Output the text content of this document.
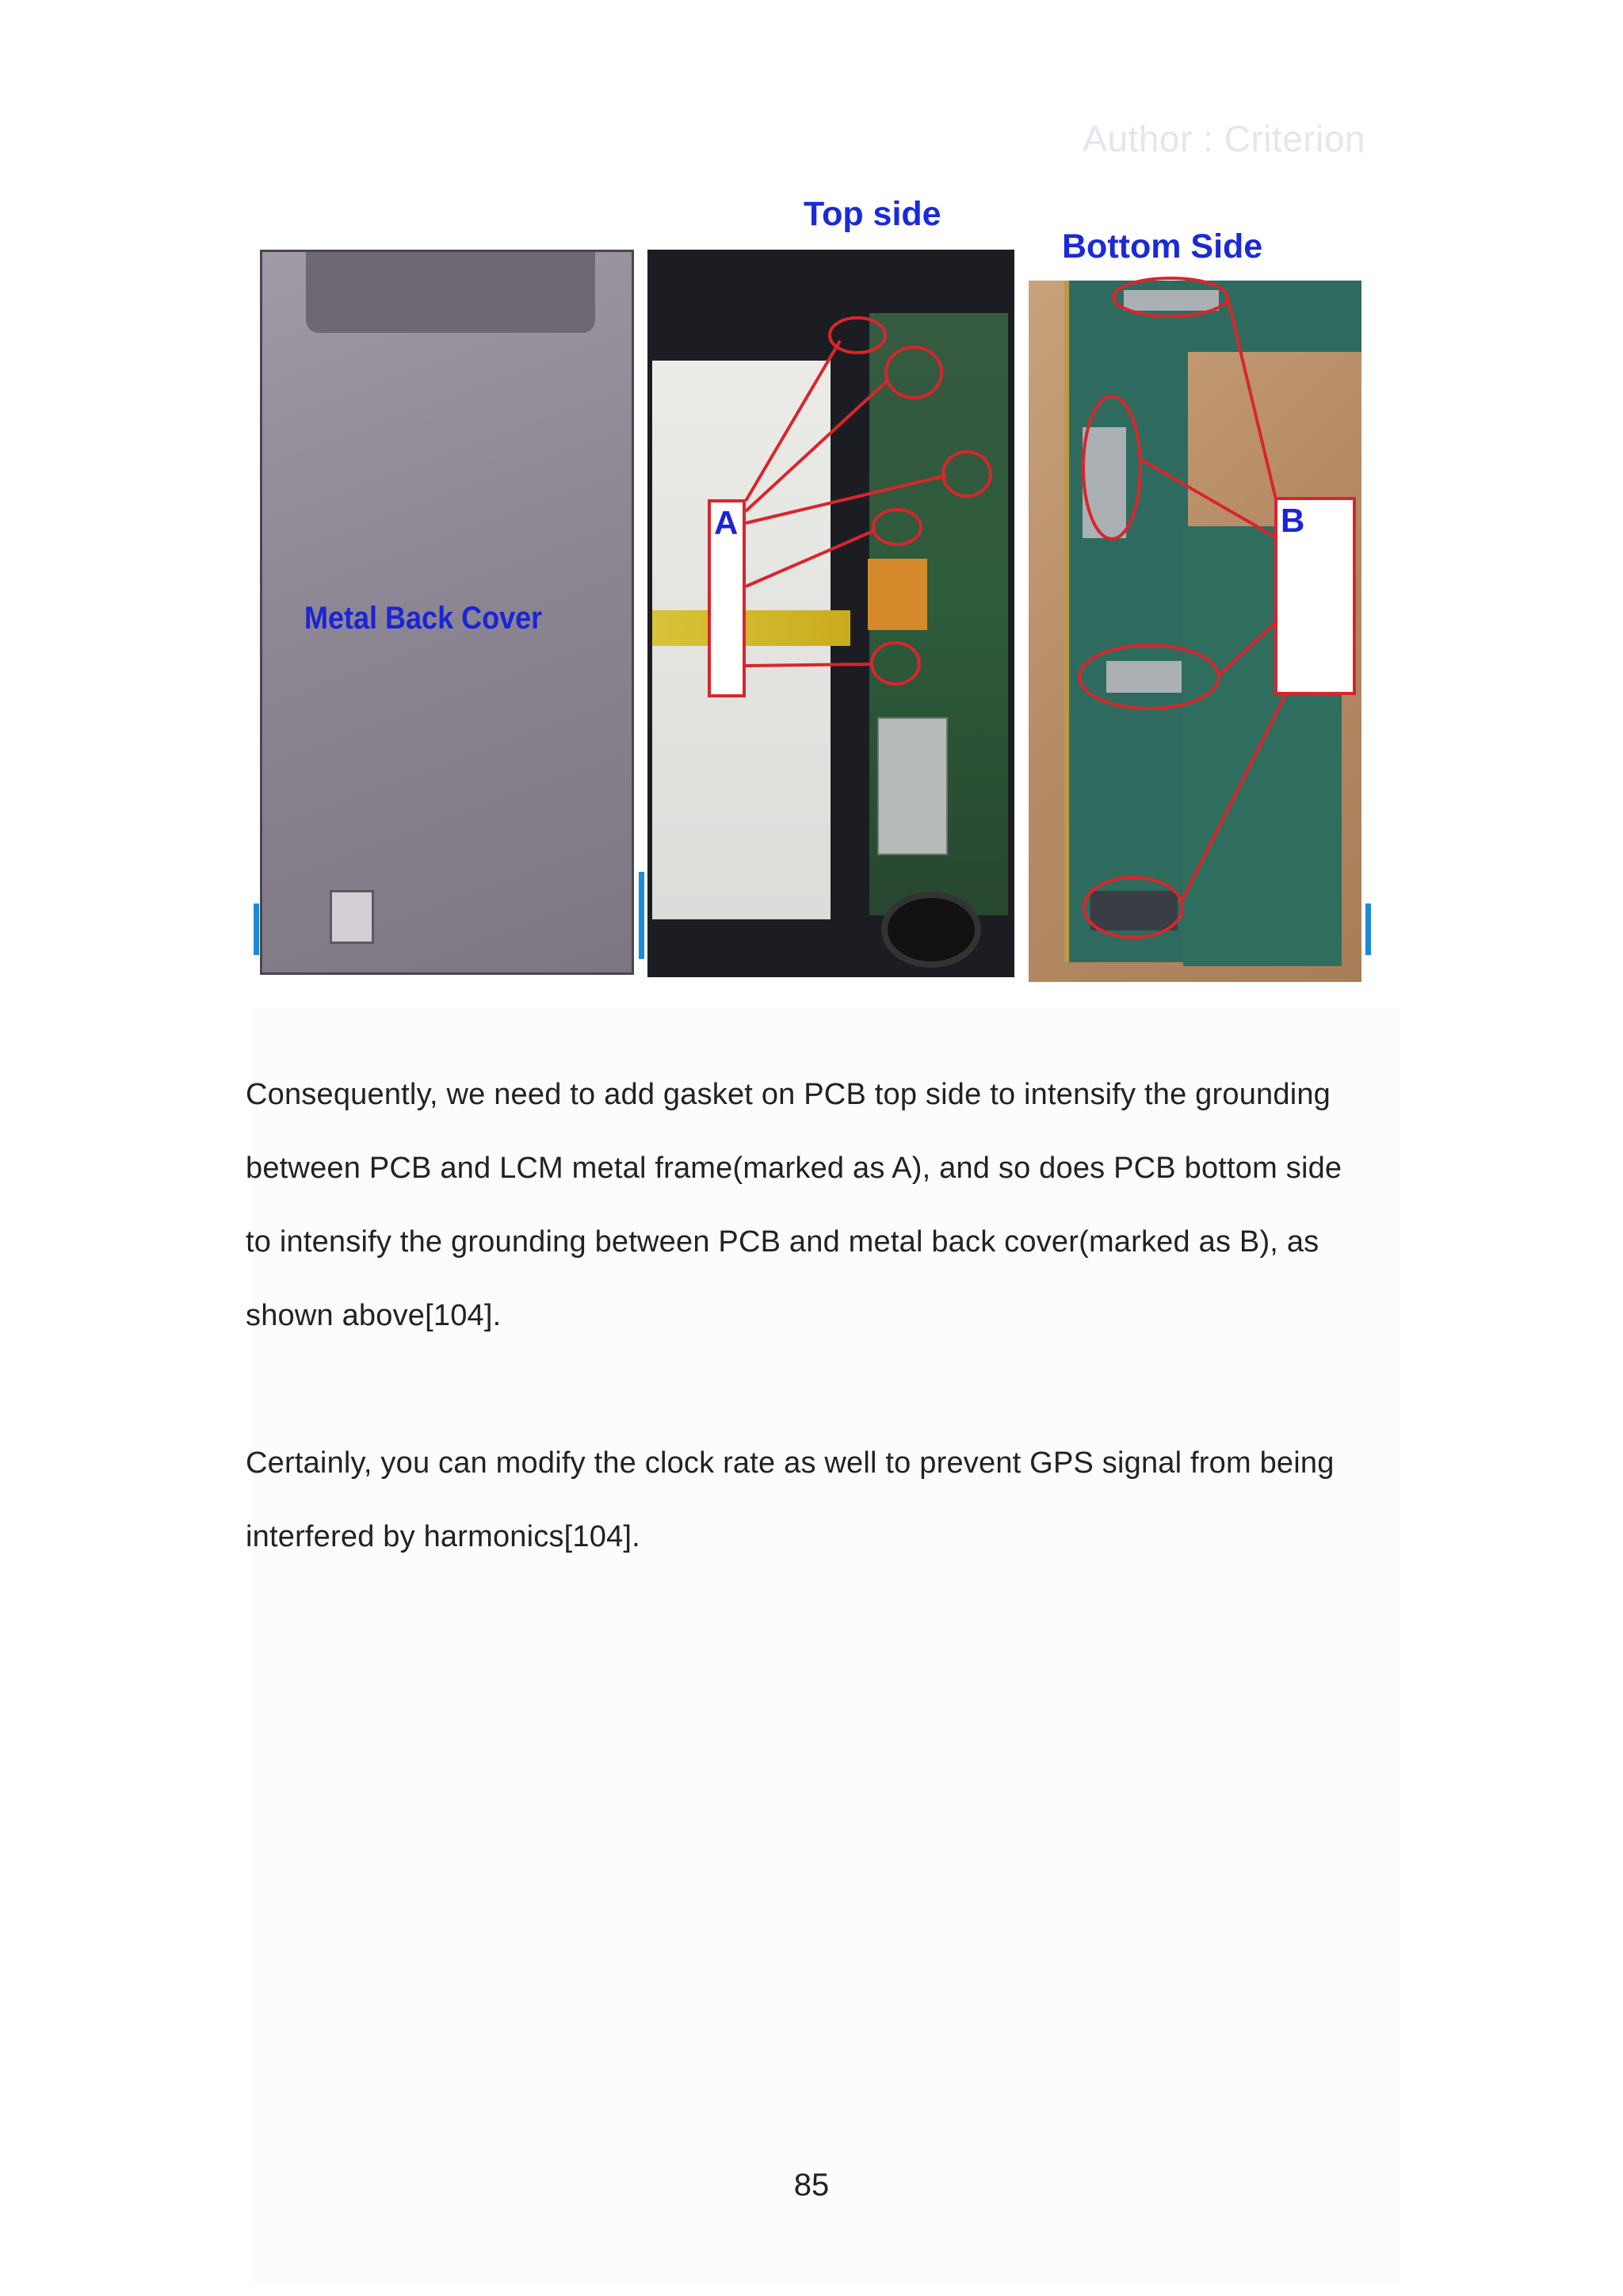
Author : Criterion
Top side
Bottom Side
Metal Back Cover
A	B
Consequently, we need to add gasket on PCB top side to intensify the grounding between PCB and LCM metal frame(marked as A), and so does PCB bottom side to intensify the grounding between PCB and metal back cover(marked as B), as shown above[104].
Certainly, you can modify the clock rate as well to prevent GPS signal from being interfered by harmonics[104].
85
